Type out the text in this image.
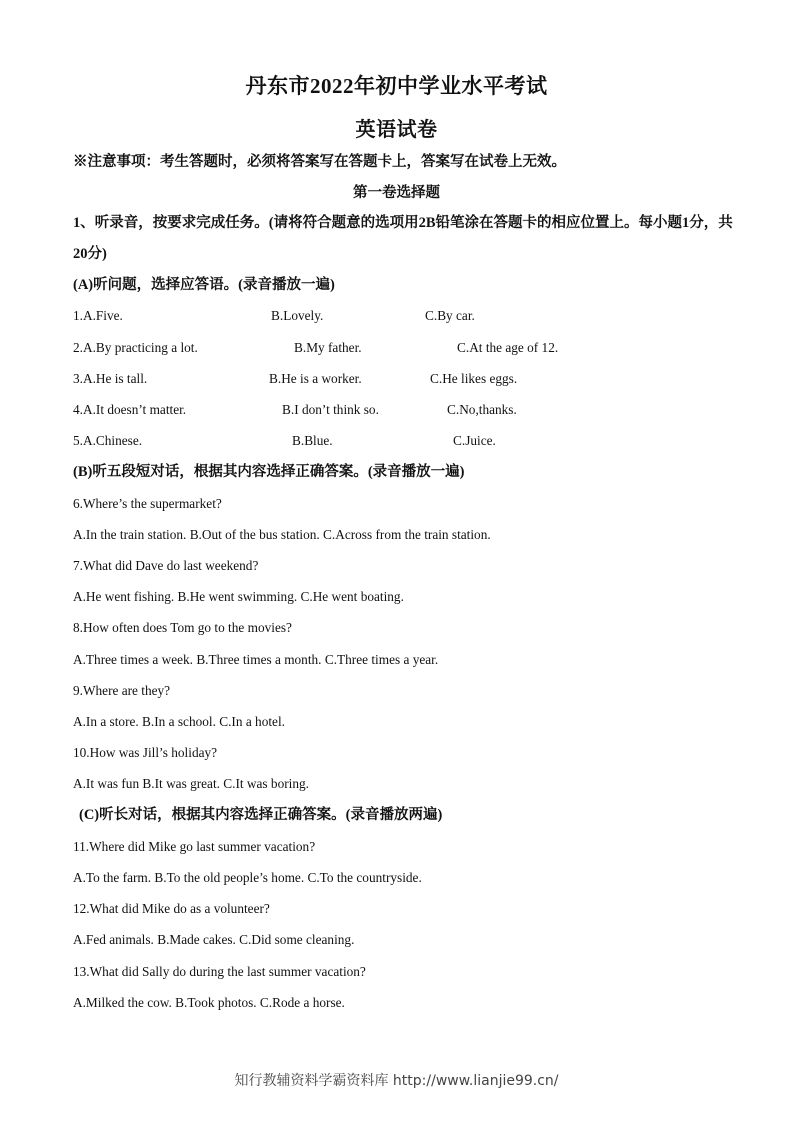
丹东市2022年初中学业水平考试
英语试卷
※注意事项：考生答题时，必须将答案写在答题卡上，答案写在试卷上无效。
第一卷选择题
1、听录音，按要求完成任务。(请将符合题意的选项用2B铅笔涂在答题卡的相应位置上。每小题1分，共20分)
(A)听问题，选择应答语。(录音播放一遍)
1.A.Five.	B.Lovely.	C.By car.
2.A.By practicing a lot.	B.My father.	C.At the age of 12.
3.A.He is tall.	B.He is a worker.	C.He likes eggs.
4.A.It doesn’t matter.	B.I don’t think so.	C.No,thanks.
5.A.Chinese.	B.Blue.	C.Juice.
(B)听五段短对话，根据其内容选择正确答案。(录音播放一遍)
6.Where’s the supermarket?
A.In the train station. B.Out of the bus station. C.Across from the train station.
7.What did Dave do last weekend?
A.He went fishing. B.He went swimming. C.He went boating.
8.How often does Tom go to the movies?
A.Three times a week. B.Three times a month. C.Three times a year.
9.Where are they?
A.In a store. B.In a school. C.In a hotel.
10.How was Jill’s holiday?
A.It was fun B.It was great. C.It was boring.
(C)听长对话，根据其内容选择正确答案。(录音播放两遍)
11.Where did Mike go last summer vacation?
A.To the farm. B.To the old people’s home. C.To the countryside.
12.What did Mike do as a volunteer?
A.Fed animals. B.Made cakes. C.Did some cleaning.
13.What did Sally do during the last summer vacation?
A.Milked the cow. B.Took photos. C.Rode a horse.
知行教辅资料学霸资料库 http://www.lianjie99.cn/
